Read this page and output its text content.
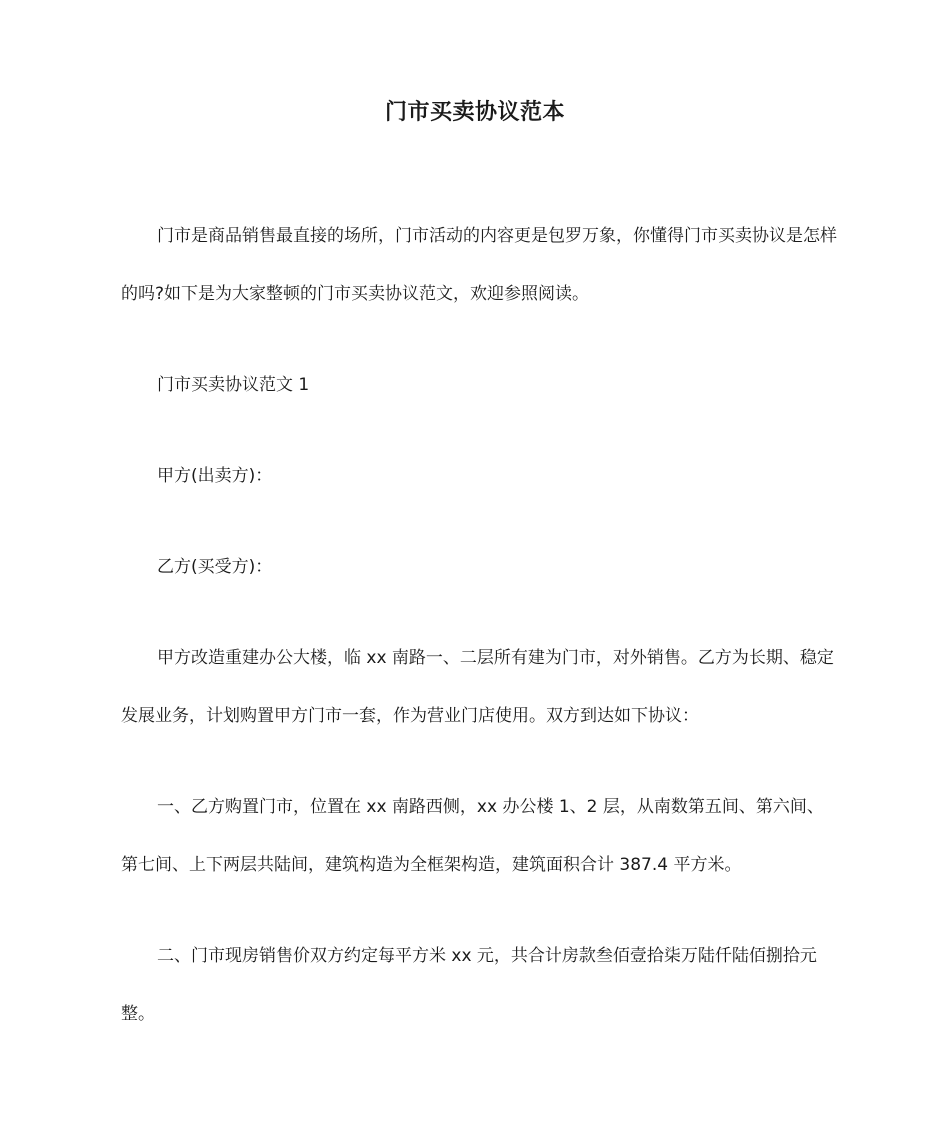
门市买卖协议范本

门市是商品销售最直接的场所，门市活动的内容更是包罗万象，你懂得门市买卖协议是怎样的吗?如下是为大家整顿的门市买卖协议范文，欢迎参照阅读。

门市买卖协议范文 1

甲方(出卖方)：

乙方(买受方)：

甲方改造重建办公大楼，临 xx 南路一、二层所有建为门市，对外销售。乙方为长期、稳定发展业务，计划购置甲方门市一套，作为营业门店使用。双方到达如下协议：

一、乙方购置门市，位置在 xx 南路西侧，xx 办公楼 1、2 层，从南数第五间、第六间、第七间、上下两层共陆间，建筑构造为全框架构造，建筑面积合计 387.4 平方米。

二、门市现房销售价双方约定每平方米 xx 元，共合计房款叁佰壹拾柒万陆仟陆佰捌拾元整。
